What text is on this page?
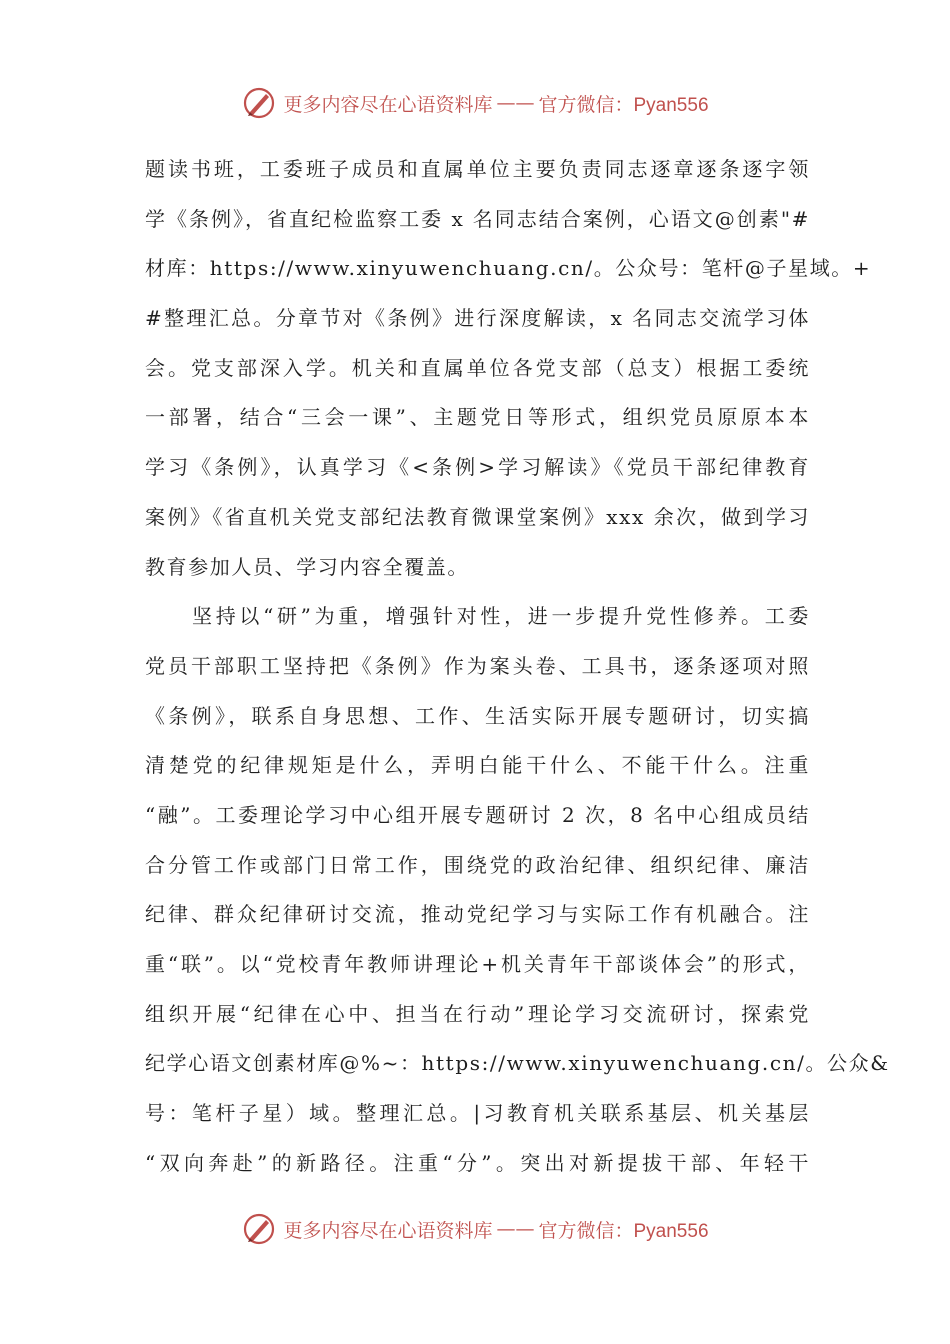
更多内容尽在心语资料库 —— 官方微信：Pyan556
题读书班，工委班子成员和直属单位主要负责同志逐章逐条逐字领
学《条例》，省直纪检监察工委 x 名同志结合案例，心语文@创素"#
材库：https://www.xinyuwenchuang.cn/。公众号：笔杆@子星域。+
#整理汇总。分章节对《条例》进行深度解读，x 名同志交流学习体
会。党支部深入学。机关和直属单位各党支部（总支）根据工委统
一部署，结合“三会一课”、主题党日等形式，组织党员原原本本
学习《条例》，认真学习《<条例>学习解读》《党员干部纪律教育
案例》《省直机关党支部纪法教育微课堂案例》xxx 余次，做到学习
教育参加人员、学习内容全覆盖。
坚持以“研”为重，增强针对性，进一步提升党性修养。工委
党员干部职工坚持把《条例》作为案头卷、工具书，逐条逐项对照
《条例》，联系自身思想、工作、生活实际开展专题研讨，切实搞
清楚党的纪律规矩是什么，弄明白能干什么、不能干什么。注重
“融”。工委理论学习中心组开展专题研讨 2 次，8 名中心组成员结
合分管工作或部门日常工作，围绕党的政治纪律、组织纪律、廉洁
纪律、群众纪律研讨交流，推动党纪学习与实际工作有机融合。注
重“联”。以“党校青年教师讲理论+机关青年干部谈体会”的形式，
组织开展“纪律在心中、担当在行动”理论学习交流研讨，探索党
纪学心语文创素材库@%~：https://www.xinyuwenchuang.cn/。公众&
号：笔杆子星）域。整理汇总。|习教育机关联系基层、机关基层
“双向奔赴”的新路径。注重“分”。突出对新提拔干部、年轻干
更多内容尽在心语资料库 —— 官方微信：Pyan556
